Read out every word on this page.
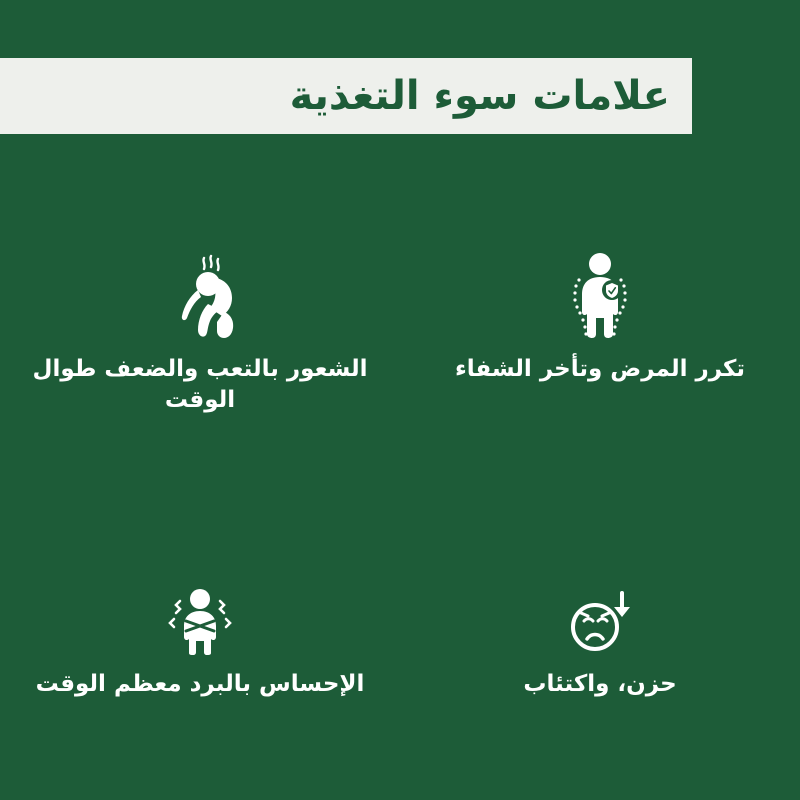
علامات سوء التغذية
تكرر المرض وتأخر الشفاء
الشعور بالتعب والضعف طوال الوقت
حزن، واكتئاب
الإحساس بالبرد معظم الوقت
